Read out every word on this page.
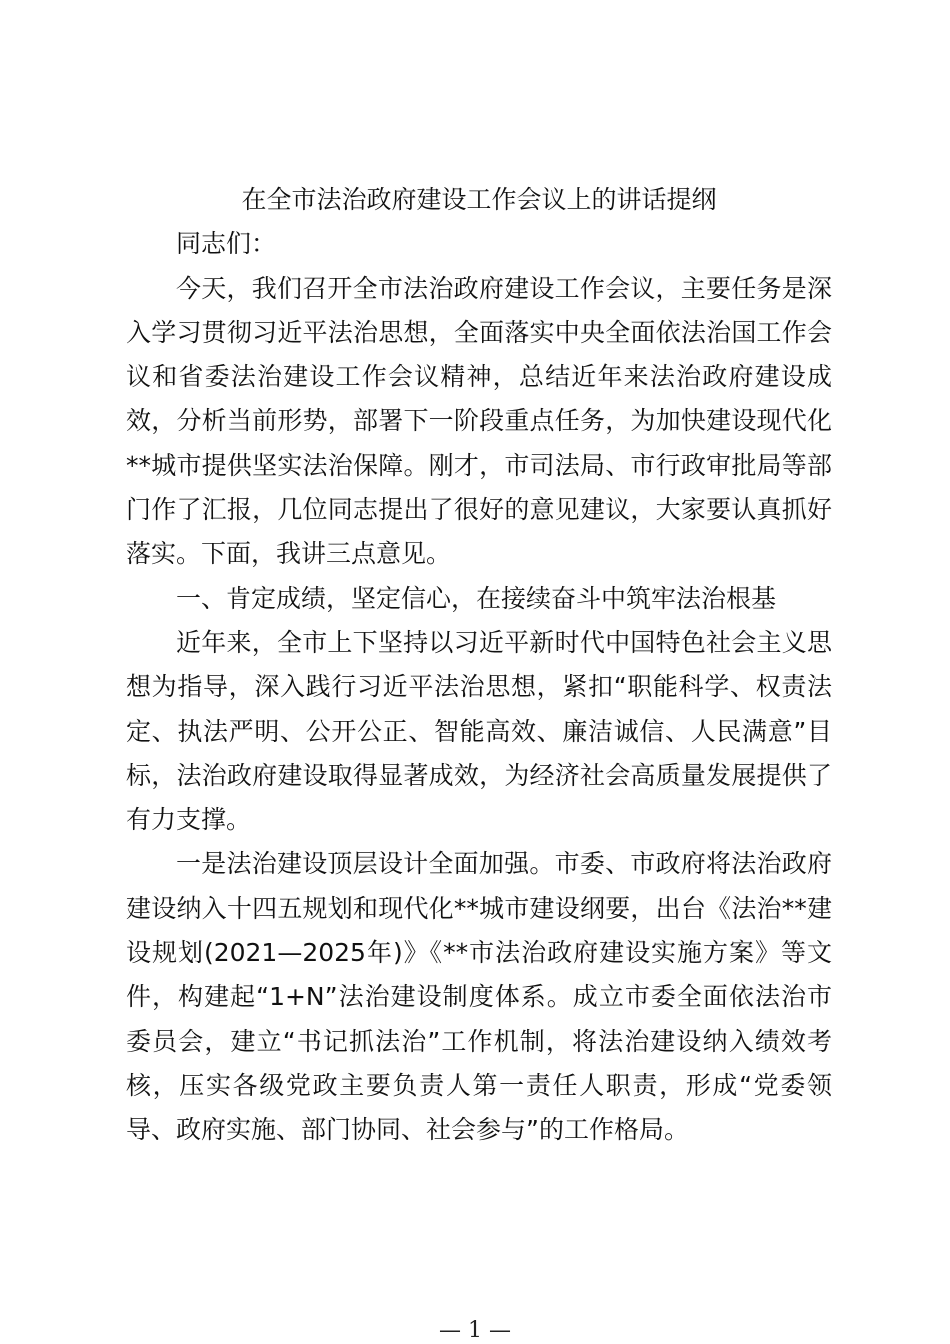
在全市法治政府建设工作会议上的讲话提纲

同志们：

今天，我们召开全市法治政府建设工作会议，主要任务是深入学习贯彻习近平法治思想，全面落实中央全面依法治国工作会议和省委法治建设工作会议精神，总结近年来法治政府建设成效，分析当前形势，部署下一阶段重点任务，为加快建设现代化**城市提供坚实法治保障。刚才，市司法局、市行政审批局等部门作了汇报，几位同志提出了很好的意见建议，大家要认真抓好落实。下面，我讲三点意见。

一、肯定成绩，坚定信心，在接续奋斗中筑牢法治根基

近年来，全市上下坚持以习近平新时代中国特色社会主义思想为指导，深入践行习近平法治思想，紧扣“职能科学、权责法定、执法严明、公开公正、智能高效、廉洁诚信、人民满意”目标，法治政府建设取得显著成效，为经济社会高质量发展提供了有力支撑。

一是法治建设顶层设计全面加强。市委、市政府将法治政府建设纳入十四五规划和现代化**城市建设纲要，出台《法治**建设规划(2021—2025年)》《**市法治政府建设实施方案》等文件，构建起“1+N”法治建设制度体系。成立市委全面依法治市委员会，建立“书记抓法治”工作机制，将法治建设纳入绩效考核，压实各级党政主要负责人第一责任人职责，形成“党委领导、政府实施、部门协同、社会参与”的工作格局。

— 1 —
